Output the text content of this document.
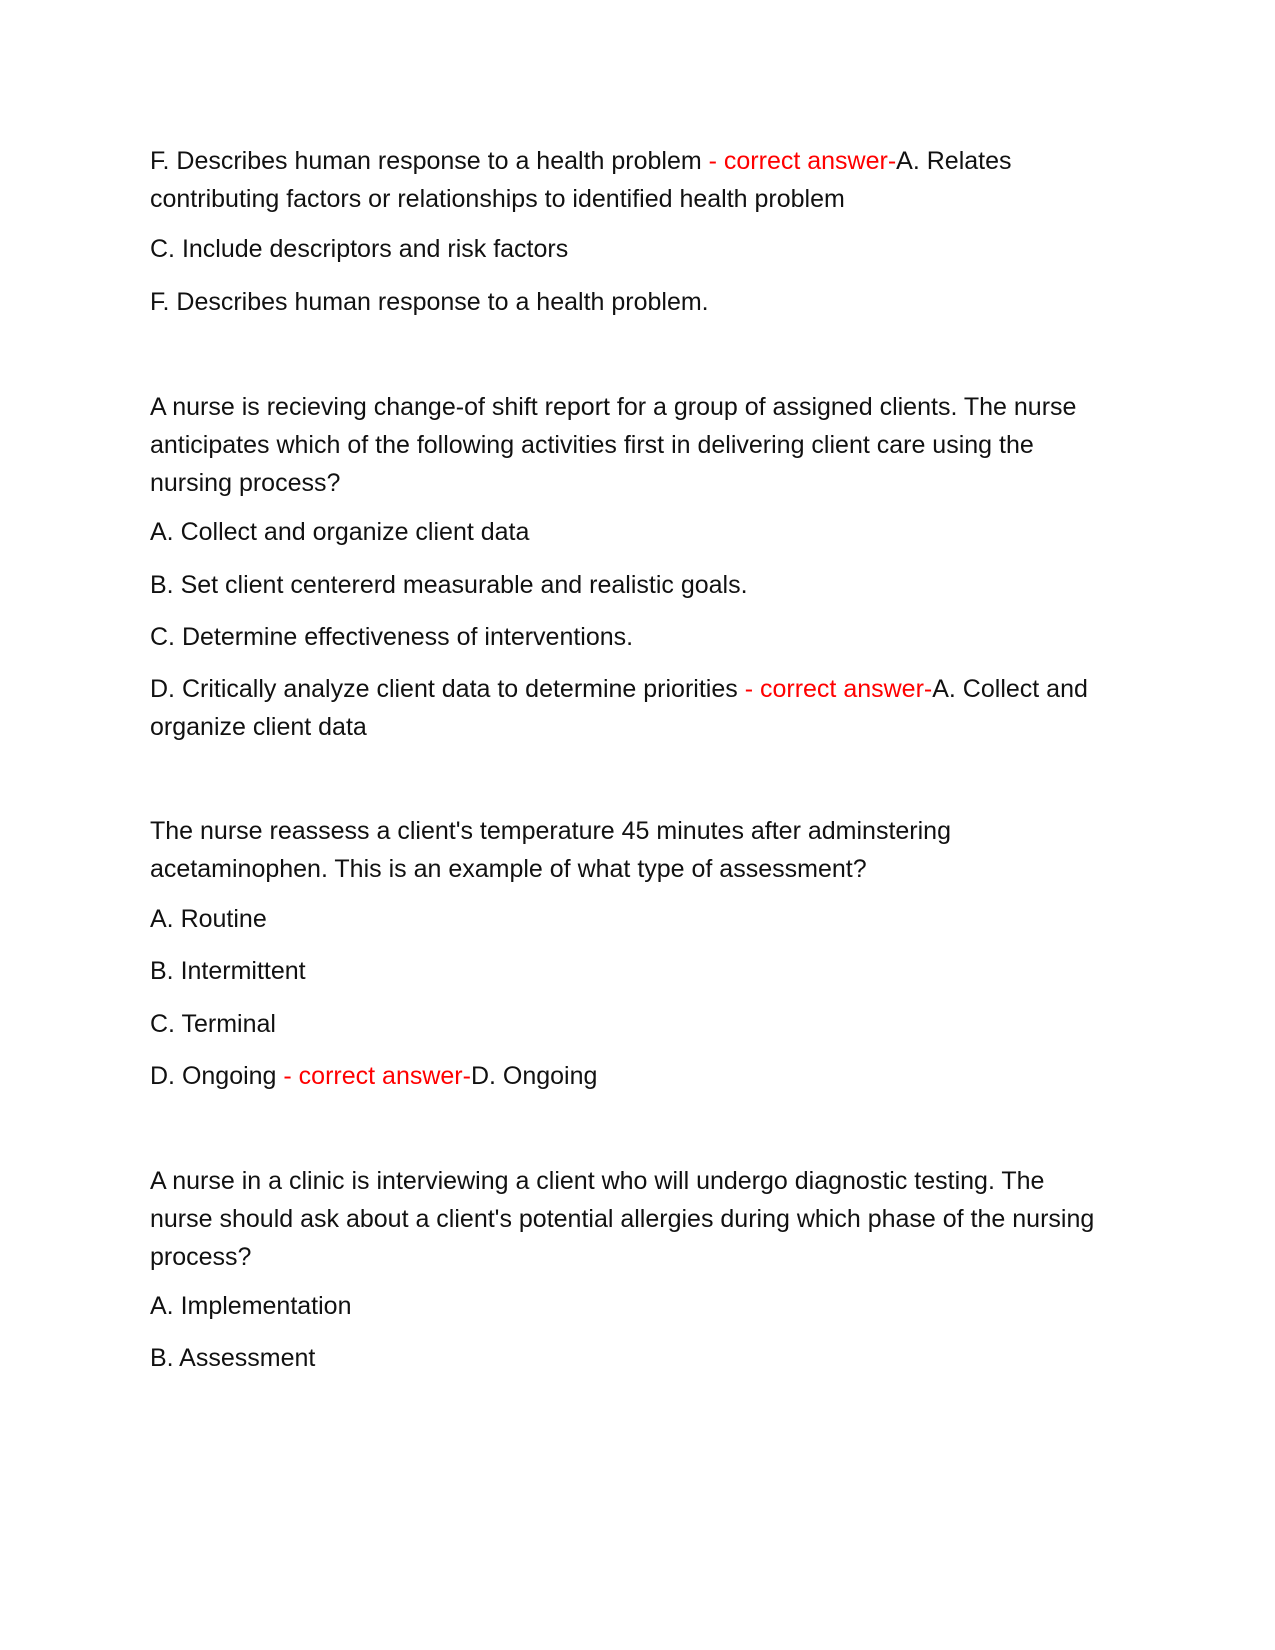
F. Describes human response to a health problem - correct answer-A. Relates contributing factors or relationships to identified health problem

C. Include descriptors and risk factors

F. Describes human response to a health problem.

A nurse is recieving change-of shift report for a group of assigned clients. The nurse anticipates which of the following activities first in delivering client care using the nursing process?

A. Collect and organize client data

B. Set client centererd measurable and realistic goals.

C. Determine effectiveness of interventions.

D. Critically analyze client data to determine priorities - correct answer-A. Collect and organize client data

The nurse reassess a client's temperature 45 minutes after adminstering acetaminophen. This is an example of what type of assessment?

A. Routine

B. Intermittent

C. Terminal

D. Ongoing - correct answer-D. Ongoing

A nurse in a clinic is interviewing a client who will undergo diagnostic testing. The nurse should ask about a client's potential allergies during which phase of the nursing process?

A. Implementation

B. Assessment
